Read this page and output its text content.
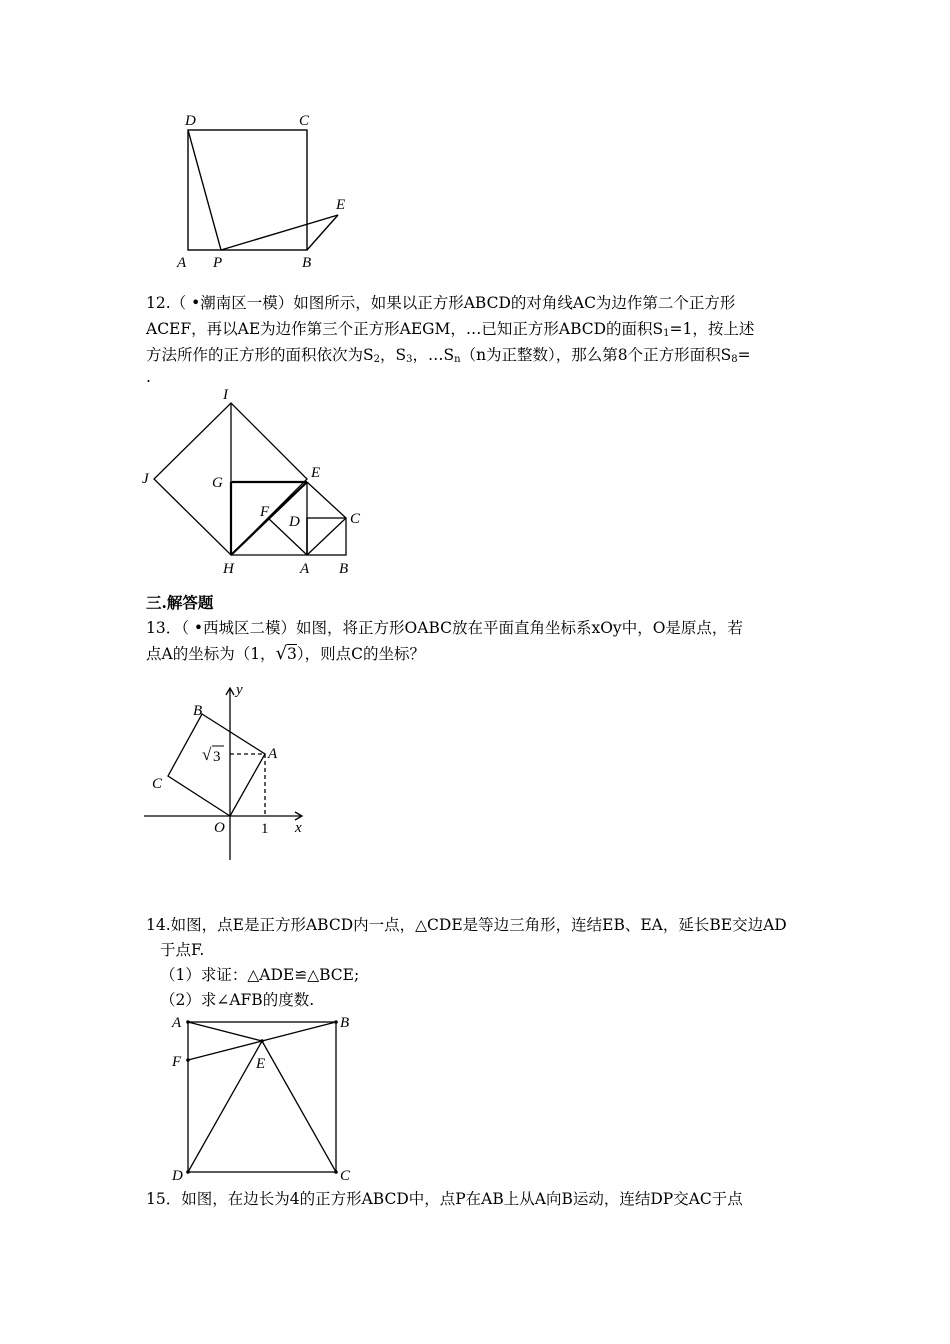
D	C
E
A P	B
12.（ •潮南区一模）如图所示，如果以正方形ABCD的对角线AC为边作第二个正方形
ACEF，再以AE为边作第三个正方形AEGM，…已知正方形ABCD的面积$S_1=1$，按上述
方法所作的正方形的面积依次为$S_2$，$S_3$，$\dots S_n(n$为正整数），那么第8个正方形面积$S_8=$
.
I
J	G
E
F
D	C
H	A B
三.解答题
13．（ •西城区二模）如图，将正方形OABC放在平面直角坐标系xOy中，O是原点，若
点A的坐标为（1，√3），则点C的坐标？
y
x
B
A
C
O 1
√ 3
14.如图，点E是正方形ABCD内一点，△CDE是等边三角形，连结EB、EA，延长BE交边AD
于点F.
（1）求证：△ADE≌△BCE;
（2）求∠AFB的度数.
A	B
F	E
D	C
15．如图，在边长为4的正方形ABCD中，点P在AB上从A向B运动，连结DP交AC于点
